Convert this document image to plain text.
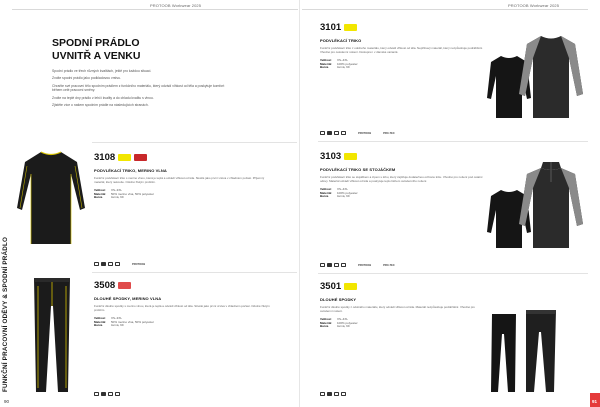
PROTOOB Workwear 2025
FUNKČNÍ PRACOVNÍ ODĚVY & SPODNÍ PRÁDLO
90
SPODNÍ PRÁDLO
UVNITŘ A VENKU

Spodní prádlo ve třech různých kvalitách, ještě pro každou situaci.

Zvolte spodní prádlo jako podkladovou vrstvu.

Chraňte své pracovní tělo spodním prádlem z funkčního materiálu, který odvádí vlhkost od těla a poskytuje komfort během celé pracovní směny.

Zvolte na teplé dny prádlo z lehčí kvality a do chladu kvalitu s vlnou.

Zjistěte více o našem spodním prádle na následujících stranách.

3108
PODVLÉKACÍ TRIKO, MERINO VLNA
Funkční podvlékací triko s merino vlnou, která je teplá a odvádí vlhkost od těla. Skvělé jako první vrstva v chladném počasí. Příjemný materiál, který nekouše. Odolné žlutým prošitím.
Velikost	XS–3XL
Materiál	50% merino vlna, 50% polyester
Barva	černá, 99
PROTOOB
3508
DLOUHÉ SPODKY, MERINO VLNA
Funkční dlouhé spodky s merino vlnou, která je teplá a odvádí vlhkost od těla. Skvělé jako první vrstva v chladném počasí. Odolné žlutým prošitím.
Velikost	XS–3XL
Materiál	50% merino vlna, 50% polyester
Barva	černá, 99
PROTOOB Workwear 2025
91
3101
PODVLÉKACÍ TRIKO
Funkční podvlékací triko z odolného materiálu, který odvádí vlhkost od těla. Nepřilnavý materiál, který nezpůsobuje podráždění. Vhodné pro celodenní nošení. Dostupné i v dámské variantě.
Velikost	XS–4XL
Materiál	100% polyester
Barva	černá, 99
PROTOOB	PRO-TEC
3103
PODVLÉKACÍ TRIKO SE STOJÁČKEM
Funkční podvlékací triko se stojáčkem a zipem u krku, který zajišťuje dodatečnou ochranu krku. Vhodné pro nošení pod ostatní oděvy. Materiál odvádí vlhkost od těla a poskytuje teplo během celodenního nošení.
Velikost	XS–4XL
Materiál	100% polyester
Barva	černá, 99
PROTOOB	PRO-TEC
3501
DLOUHÉ SPODKY
Funkční dlouhé spodky z odolného materiálu, který odvádí vlhkost od těla. Materiál nezpůsobuje podráždění. Vhodné pro celodenní nošení.
Velikost	XS–4XL
Materiál	100% polyester
Barva	černá, 99
